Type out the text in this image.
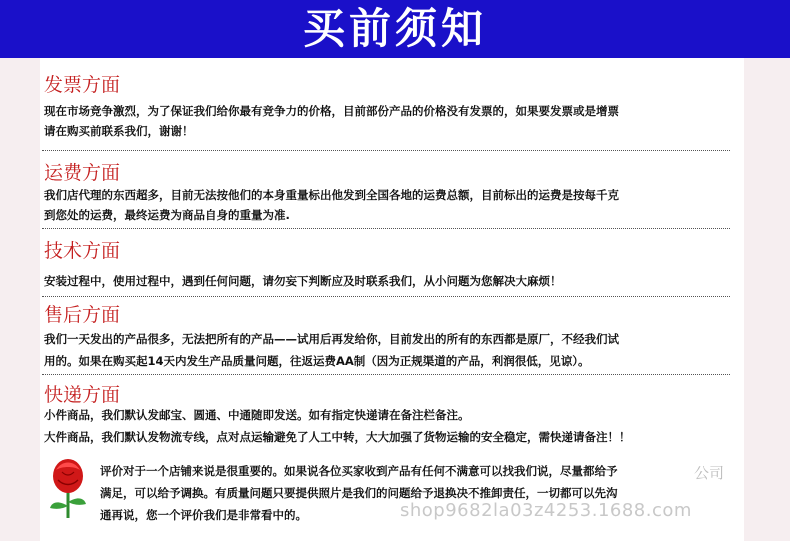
买前须知
发票方面
现在市场竞争激烈，为了保证我们给你最有竞争力的价格，目前部份产品的价格没有发票的，如果要发票或是增票
请在购买前联系我们，谢谢！
运费方面
我们店代理的东西超多，目前无法按他们的本身重量标出他发到全国各地的运费总额，目前标出的运费是按每千克
到您处的运费，最终运费为商品自身的重量为准.
技术方面
安装过程中，使用过程中，遇到任何问题，请勿妄下判断应及时联系我们，从小问题为您解决大麻烦！
售后方面
我们一天发出的产品很多，无法把所有的产品——试用后再发给你，目前发出的所有的东西都是原厂，不经我们试
用的。如果在购买起14天内发生产品质量问题，往返运费AA制（因为正规渠道的产品，利润很低，见谅）。
快递方面
小件商品，我们默认发邮宝、圆通、中通随即发送。如有指定快递请在备注栏备注。
大件商品，我们默认发物流专线，点对点运输避免了人工中转，大大加强了货物运输的安全稳定，需快递请备注！！
评价对于一个店铺来说是很重要的。如果说各位买家收到产品有任何不满意可以找我们说，尽量都给予
满足，可以给予调换。有质量问题只要提供照片是我们的问题给予退换决不推卸责任，一切都可以先沟
通再说，您一个评价我们是非常看中的。
公司
shop9682la03z4253.1688.com
